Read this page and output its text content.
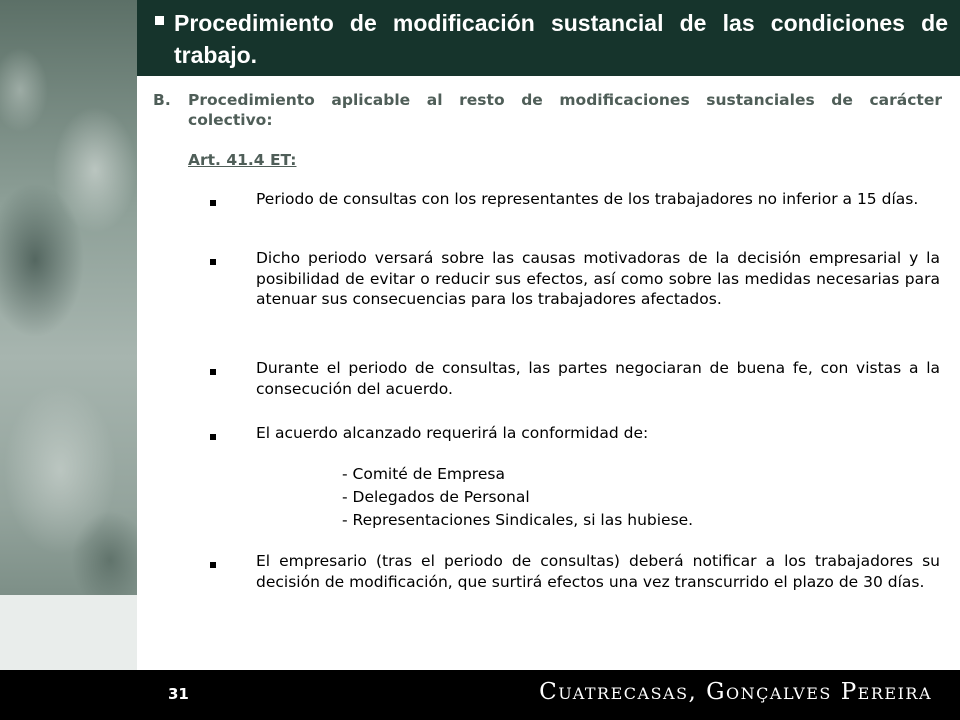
Procedimiento de modificación sustancial de las condiciones de trabajo.

B. Procedimiento aplicable al resto de modificaciones sustanciales de carácter colectivo:

Art. 41.4 ET:

Periodo de consultas con los representantes de los trabajadores no inferior a 15 días.

Dicho periodo versará sobre las causas motivadoras de la decisión empresarial y la posibilidad de evitar o reducir sus efectos, así como sobre las medidas necesarias para atenuar sus consecuencias para los trabajadores afectados.

Durante el periodo de consultas, las partes negociaran de buena fe, con vistas a la consecución del acuerdo.

El acuerdo alcanzado requerirá la conformidad de:

- Comité de Empresa
- Delegados de Personal
- Representaciones Sindicales, si las hubiese.

El empresario (tras el periodo de consultas) deberá notificar a los trabajadores su decisión de modificación, que surtirá efectos una vez transcurrido el plazo de 30 días.

31	Cuatrecasas, Gonçalves Pereira
